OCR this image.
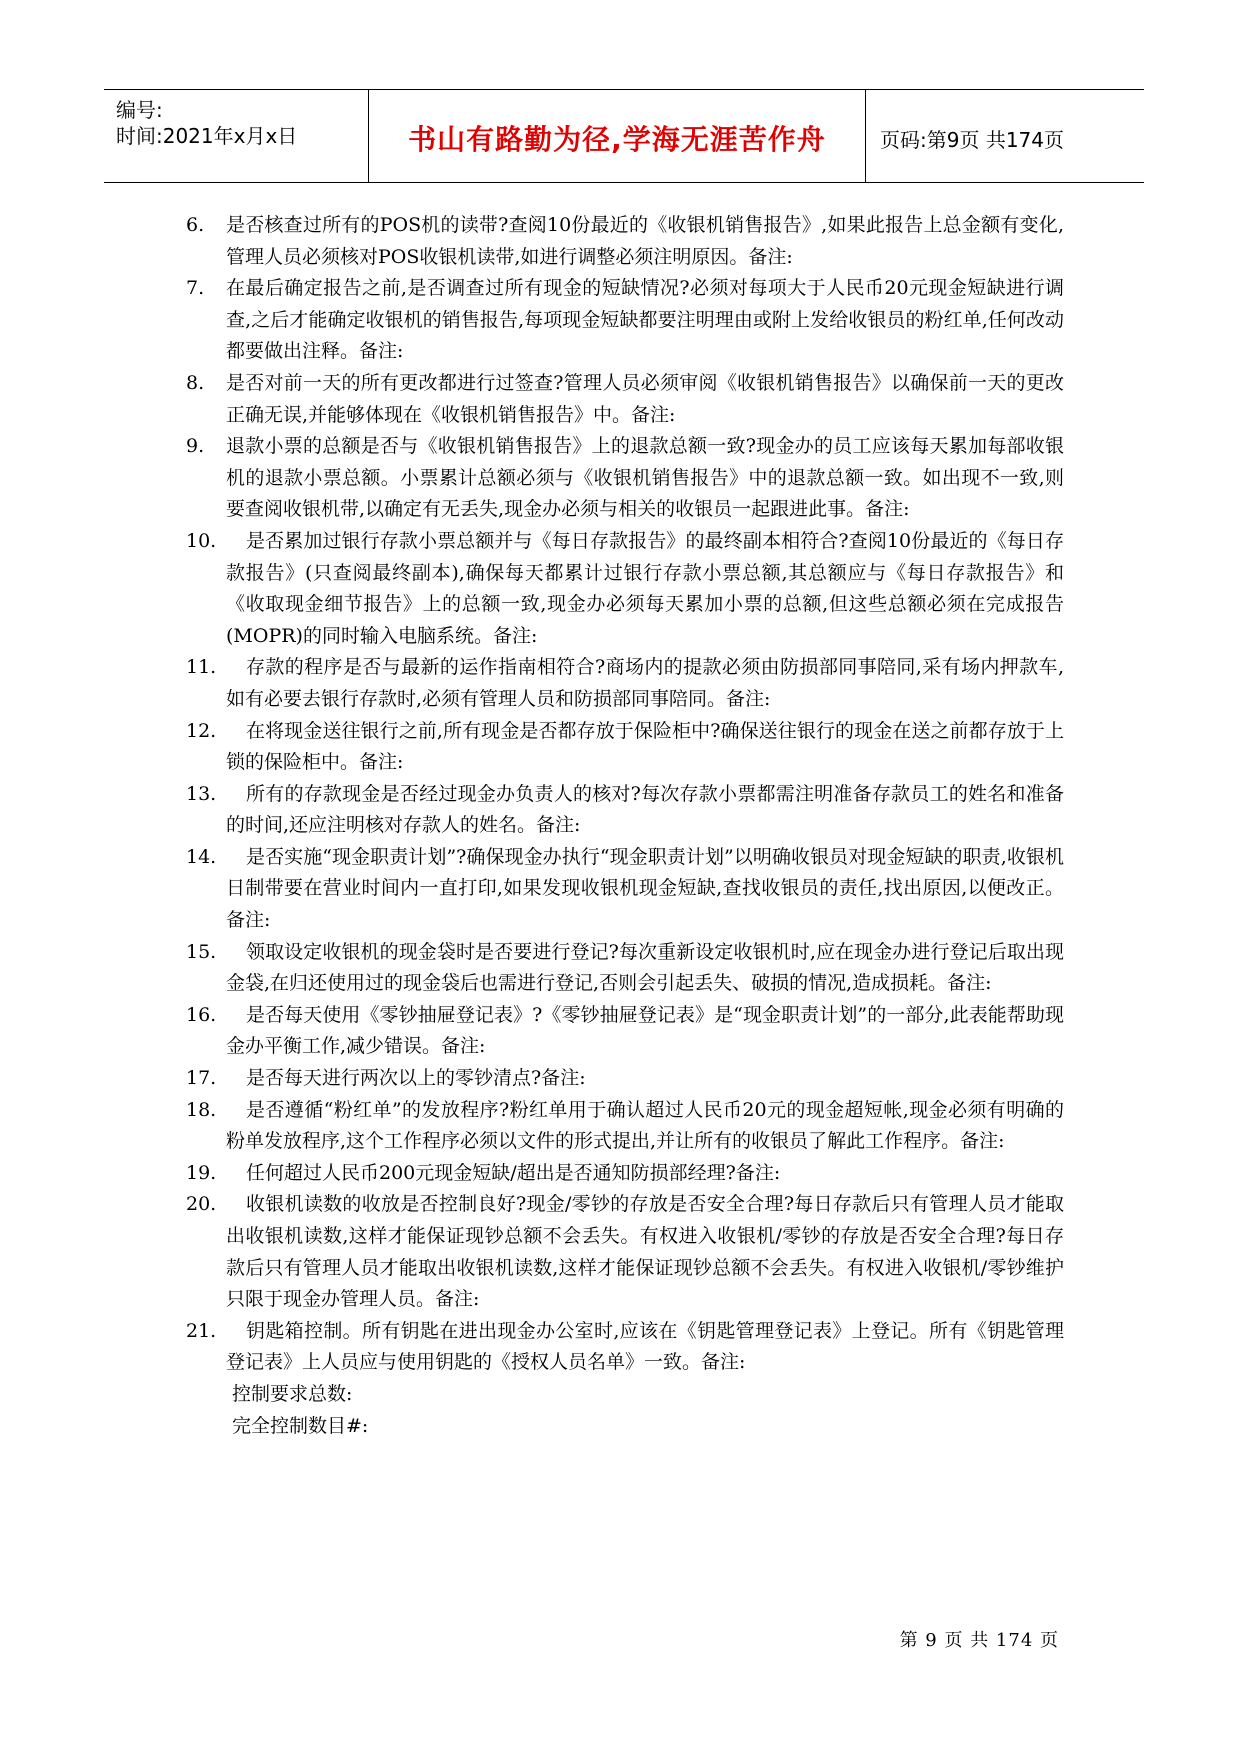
编号:
时间:2021年x月x日	书山有路勤为径,学海无涯苦作舟	页码:第9页 共174页

6. 是否核查过所有的POS机的读带?查阅10份最近的《收银机销售报告》,如果此报告上总金额有变化,管理人员必须核对POS收银机读带,如进行调整必须注明原因。备注:

7. 在最后确定报告之前,是否调查过所有现金的短缺情况?必须对每项大于人民币20元现金短缺进行调查,之后才能确定收银机的销售报告,每项现金短缺都要注明理由或附上发给收银员的粉红单,任何改动都要做出注释。备注:

8. 是否对前一天的所有更改都进行过签查?管理人员必须审阅《收银机销售报告》以确保前一天的更改正确无误,并能够体现在《收银机销售报告》中。备注:

9. 退款小票的总额是否与《收银机销售报告》上的退款总额一致?现金办的员工应该每天累加每部收银机的退款小票总额。小票累计总额必须与《收银机销售报告》中的退款总额一致。如出现不一致,则要查阅收银机带,以确定有无丢失,现金办必须与相关的收银员一起跟进此事。备注:

10.	是否累加过银行存款小票总额并与《每日存款报告》的最终副本相符合?查阅10份最近的《每日存款报告》(只查阅最终副本),确保每天都累计过银行存款小票总额,其总额应与《每日存款报告》和《收取现金细节报告》上的总额一致,现金办必须每天累加小票的总额,但这些总额必须在完成报告(MOPR)的同时输入电脑系统。备注:

11.	存款的程序是否与最新的运作指南相符合?商场内的提款必须由防损部同事陪同,采有场内押款车,如有必要去银行存款时,必须有管理人员和防损部同事陪同。备注:

12.	在将现金送往银行之前,所有现金是否都存放于保险柜中?确保送往银行的现金在送之前都存放于上锁的保险柜中。备注:

13.	所有的存款现金是否经过现金办负责人的核对?每次存款小票都需注明准备存款员工的姓名和准备的时间,还应注明核对存款人的姓名。备注:

14.	是否实施“现金职责计划”?确保现金办执行“现金职责计划”以明确收银员对现金短缺的职责,收银机日制带要在营业时间内一直打印,如果发现收银机现金短缺,查找收银员的责任,找出原因,以便改正。备注:

15.	领取设定收银机的现金袋时是否要进行登记?每次重新设定收银机时,应在现金办进行登记后取出现金袋,在归还使用过的现金袋后也需进行登记,否则会引起丢失、破损的情况,造成损耗。备注:

16.	是否每天使用《零钞抽屉登记表》?《零钞抽屉登记表》是“现金职责计划”的一部分,此表能帮助现金办平衡工作,减少错误。备注:

17.	是否每天进行两次以上的零钞清点?备注:

18.	是否遵循“粉红单”的发放程序?粉红单用于确认超过人民币20元的现金超短帐,现金必须有明确的粉单发放程序,这个工作程序必须以文件的形式提出,并让所有的收银员了解此工作程序。备注:

19.	任何超过人民币200元现金短缺/超出是否通知防损部经理?备注:

20.	收银机读数的收放是否控制良好?现金/零钞的存放是否安全合理?每日存款后只有管理人员才能取出收银机读数,这样才能保证现钞总额不会丢失。有权进入收银机/零钞的存放是否安全合理?每日存款后只有管理人员才能取出收银机读数,这样才能保证现钞总额不会丢失。有权进入收银机/零钞维护只限于现金办管理人员。备注:

21.	钥匙箱控制。所有钥匙在进出现金办公室时,应该在《钥匙管理登记表》上登记。所有《钥匙管理登记表》上人员应与使用钥匙的《授权人员名单》一致。备注:

控制要求总数:

完全控制数目#:

第 9 页 共 174 页
